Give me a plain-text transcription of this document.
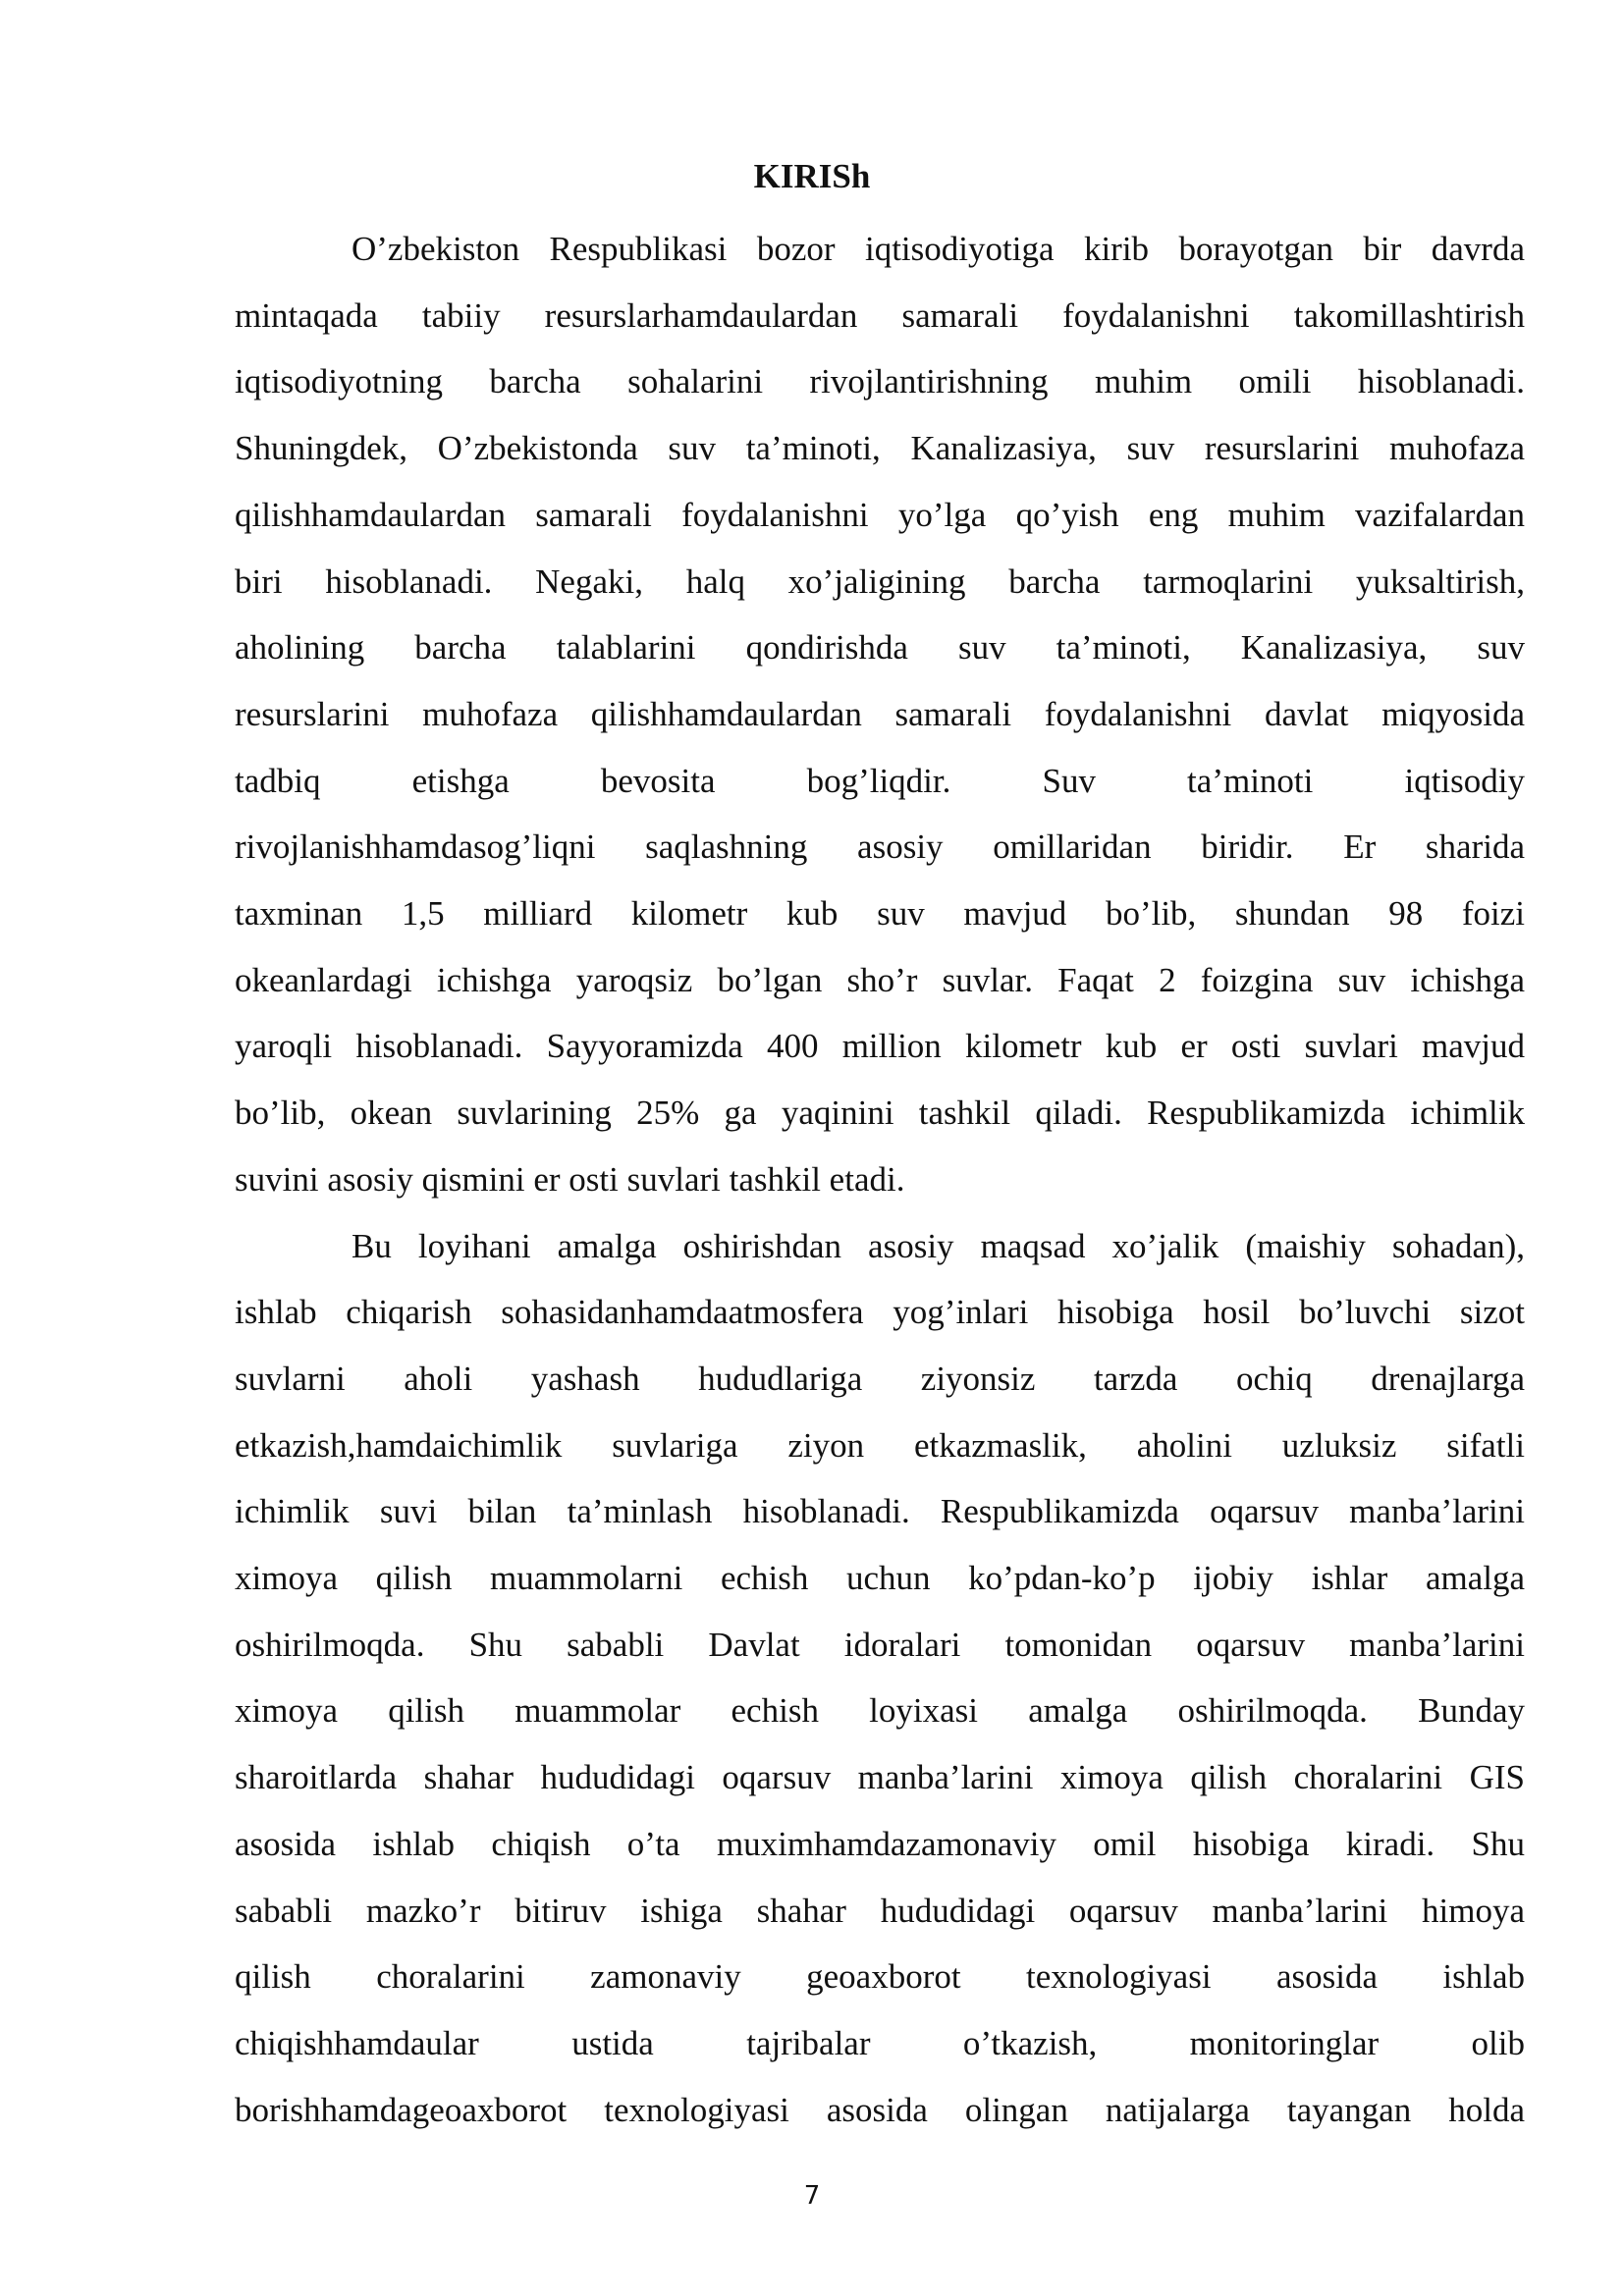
KIRISh

O’zbekiston Respublikasi bozor iqtisodiyotiga kirib borayotgan bir davrda
mintaqada tabiiy resurslarhamdaulardan samarali foydalanishni takomillashtirish
iqtisodiyotning barcha sohalarini rivojlantirishning muhim omili hisoblanadi.
Shuningdek, O’zbekistonda suv ta’minoti, Kanalizasiya, suv resurslarini muhofaza
qilishhamdaulardan samarali foydalanishni yo’lga qo’yish eng muhim vazifalardan
biri hisoblanadi. Negaki, halq xo’jaligining barcha tarmoqlarini yuksaltirish,
aholining barcha talablarini qondirishda suv ta’minoti, Kanalizasiya, suv
resurslarini muhofaza qilishhamdaulardan samarali foydalanishni davlat miqyosida
tadbiq etishga bevosita bog’liqdir. Suv ta’minoti iqtisodiy
rivojlanishhamdasog’liqni saqlashning asosiy omillaridan biridir. Er sharida
taxminan 1,5 milliard kilometr kub suv mavjud bo’lib, shundan 98 foizi
okeanlardagi ichishga yaroqsiz bo’lgan sho’r suvlar. Faqat 2 foizgina suv ichishga
yaroqli hisoblanadi. Sayyoramizda 400 million kilometr kub er osti suvlari mavjud
bo’lib, okean suvlarining 25% ga yaqinini tashkil qiladi. Respublikamizda ichimlik
suvini asosiy qismini er osti suvlari tashkil etadi.

Bu loyihani amalga oshirishdan asosiy maqsad xo’jalik (maishiy sohadan),
ishlab chiqarish sohasidanhamdaatmosfera yog’inlari hisobiga hosil bo’luvchi sizot
suvlarni aholi yashash hududlariga ziyonsiz tarzda ochiq drenajlarga
etkazish,hamdaichimlik suvlariga ziyon etkazmaslik, aholini uzluksiz sifatli
ichimlik suvi bilan ta’minlash hisoblanadi. Respublikamizda oqarsuv manba’larini
ximoya qilish muammolarni echish uchun ko’pdan-ko’p ijobiy ishlar amalga
oshirilmoqda. Shu sababli Davlat idoralari tomonidan oqarsuv manba’larini
ximoya qilish muammolar echish loyixasi amalga oshirilmoqda. Bunday
sharoitlarda shahar hududidagi oqarsuv manba’larini ximoya qilish choralarini GIS
asosida ishlab chiqish o’ta muximhamdazamonaviy omil hisobiga kiradi. Shu
sababli mazko’r bitiruv ishiga shahar hududidagi oqarsuv manba’larini himoya
qilish choralarini zamonaviy geoaxborot texnologiyasi asosida ishlab
chiqishhamdaular ustida tajribalar o’tkazish, monitoringlar olib
borishhamdageoaxborot texnologiyasi asosida olingan natijalarga tayangan holda

7
